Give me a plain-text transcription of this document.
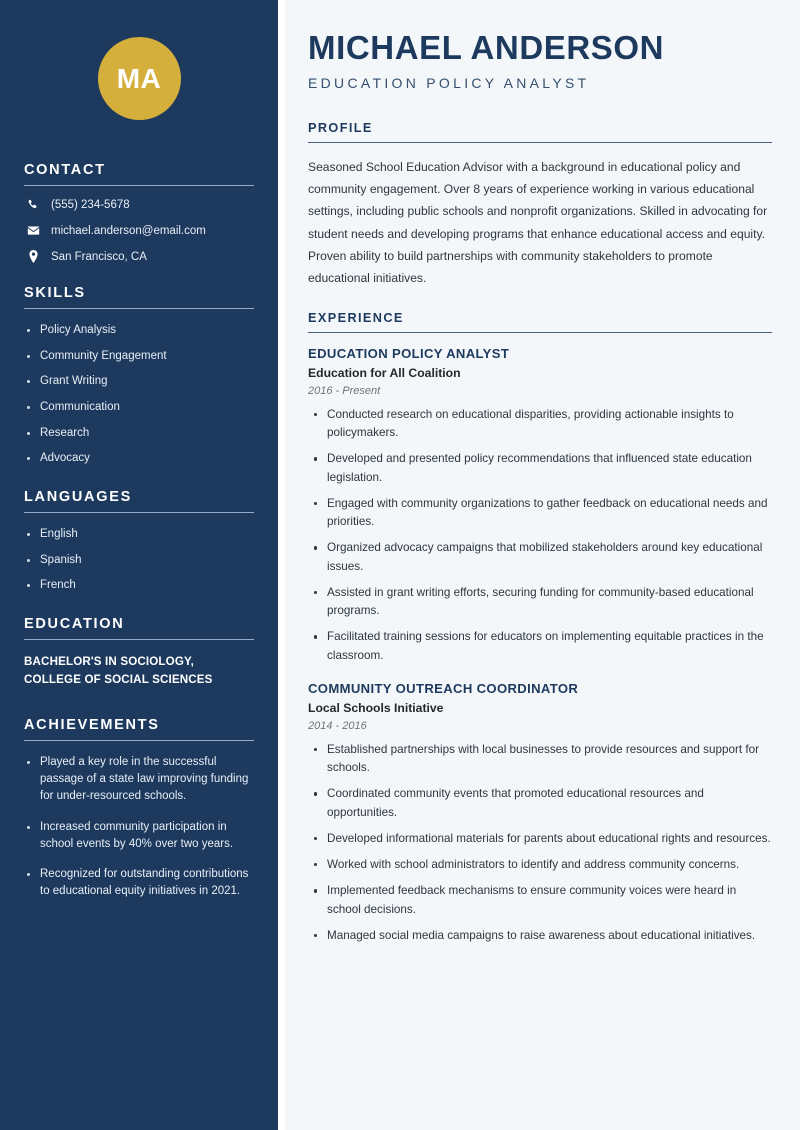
MA
CONTACT
(555) 234-5678
michael.anderson@email.com
San Francisco, CA
SKILLS
Policy Analysis
Community Engagement
Grant Writing
Communication
Research
Advocacy
LANGUAGES
English
Spanish
French
EDUCATION
BACHELOR'S IN SOCIOLOGY, COLLEGE OF SOCIAL SCIENCES
ACHIEVEMENTS
Played a key role in the successful passage of a state law improving funding for under-resourced schools.
Increased community participation in school events by 40% over two years.
Recognized for outstanding contributions to educational equity initiatives in 2021.
MICHAEL ANDERSON
EDUCATION POLICY ANALYST
PROFILE

Seasoned School Education Advisor with a background in educational policy and community engagement. Over 8 years of experience working in various educational settings, including public schools and nonprofit organizations. Skilled in advocating for student needs and developing programs that enhance educational access and equity. Proven ability to build partnerships with community stakeholders to promote educational initiatives.

EXPERIENCE
EDUCATION POLICY ANALYST
Education for All Coalition
2016 - Present
Conducted research on educational disparities, providing actionable insights to policymakers.
Developed and presented policy recommendations that influenced state education legislation.
Engaged with community organizations to gather feedback on educational needs and priorities.
Organized advocacy campaigns that mobilized stakeholders around key educational issues.
Assisted in grant writing efforts, securing funding for community-based educational programs.
Facilitated training sessions for educators on implementing equitable practices in the classroom.
COMMUNITY OUTREACH COORDINATOR
Local Schools Initiative
2014 - 2016
Established partnerships with local businesses to provide resources and support for schools.
Coordinated community events that promoted educational resources and opportunities.
Developed informational materials for parents about educational rights and resources.
Worked with school administrators to identify and address community concerns.
Implemented feedback mechanisms to ensure community voices were heard in school decisions.
Managed social media campaigns to raise awareness about educational initiatives.
